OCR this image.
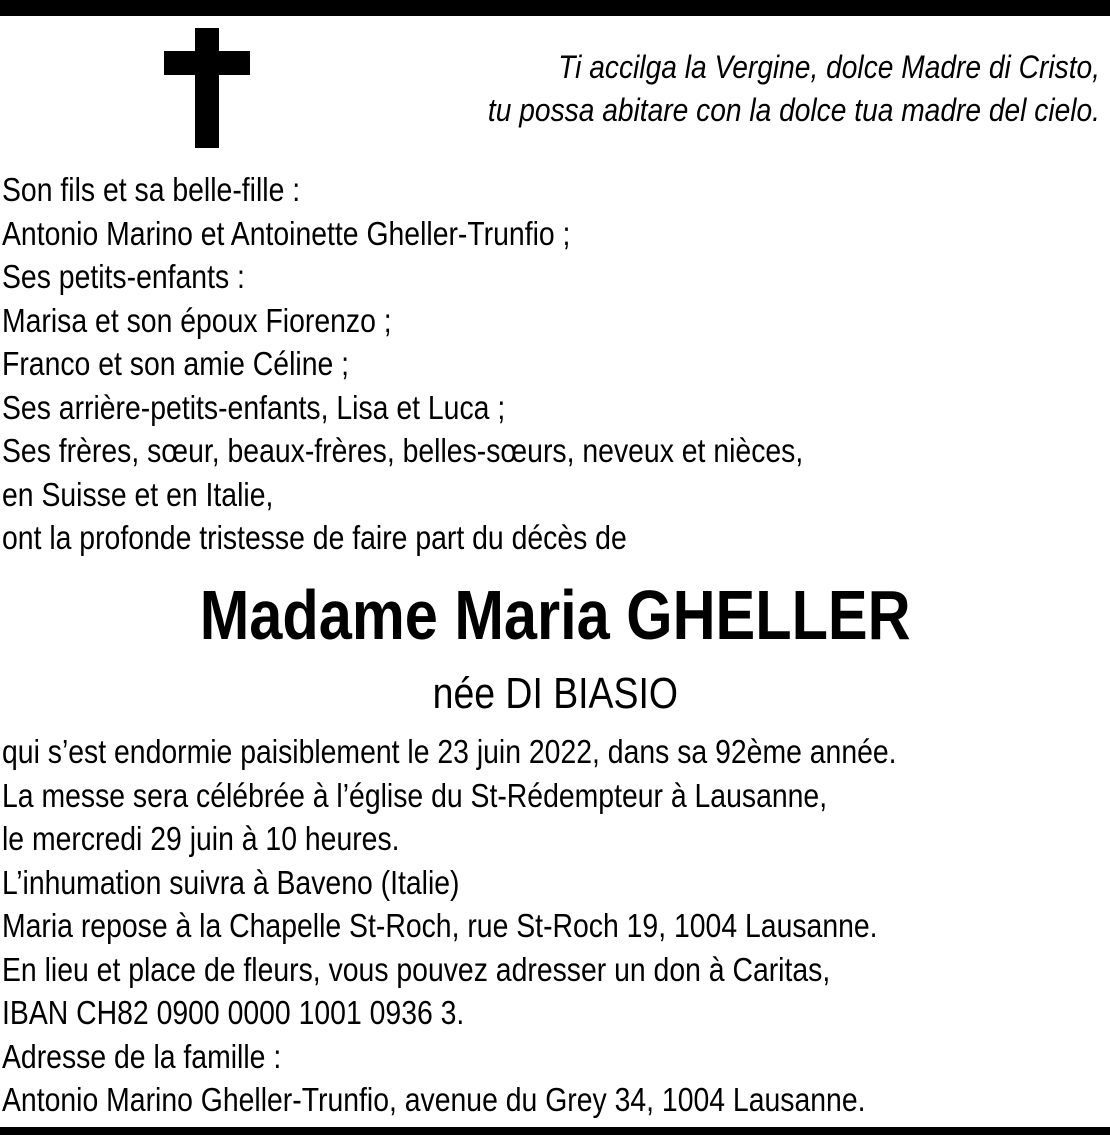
Ti accilga la Vergine, dolce Madre di Cristo,
tu possa abitare con la dolce tua madre del cielo.
Son fils et sa belle-fille :
Antonio Marino et Antoinette Gheller-Trunfio ;
Ses petits-enfants :
Marisa et son époux Fiorenzo ;
Franco et son amie Céline ;
Ses arrière-petits-enfants, Lisa et Luca ;
Ses frères, sœur, beaux-frères, belles-sœurs, neveux et nièces,
en Suisse et en Italie,
ont la profonde tristesse de faire part du décès de
Madame Maria GHELLER
née DI BIASIO
qui s’est endormie paisiblement le 23 juin 2022, dans sa 92ème année.
La messe sera célébrée à l’église du St-Rédempteur à Lausanne,
le mercredi 29 juin à 10 heures.
L’inhumation suivra à Baveno (Italie)
Maria repose à la Chapelle St-Roch, rue St-Roch 19, 1004 Lausanne.
En lieu et place de fleurs, vous pouvez adresser un don à Caritas,
IBAN CH82 0900 0000 1001 0936 3.
Adresse de la famille :
Antonio Marino Gheller-Trunfio, avenue du Grey 34, 1004 Lausanne.
